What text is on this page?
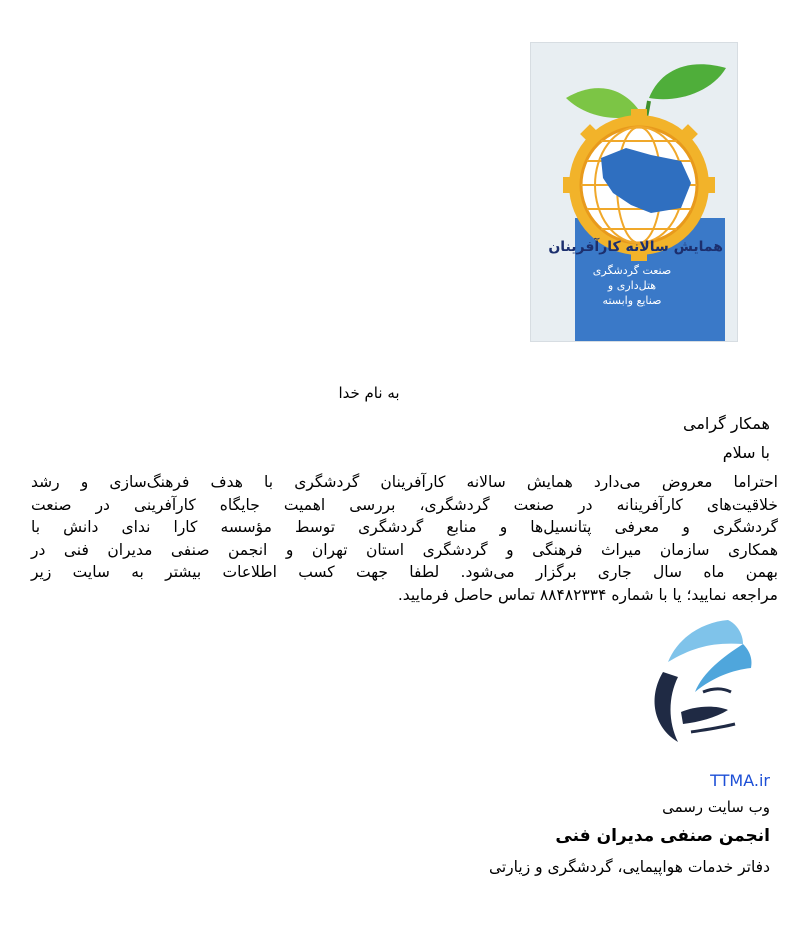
همایش سالانه کارآفرینان
صنعت گردشگری
هتل‌داری و
صنایع وابسته
به نام خدا
همکار گرامی
با سلام
احتراما معروض می‌دارد همایش سالانه کارآفرینان گردشگری با هدف فرهنگ‌سازی و رشد
خلاقیت‌های کارآفرینانه در صنعت گردشگری، بررسی اهمیت جایگاه کارآفرینی در صنعت
گردشگری و معرفی پتانسیل‌ها و منابع گردشگری توسط مؤسسه کارا ندای دانش با
همکاری سازمان میراث فرهنگی و گردشگری استان تهران و انجمن صنفی مدیران فنی در
بهمن ماه سال جاری برگزار می‌شود. لطفا جهت کسب اطلاعات بیشتر به سایت زیر
مراجعه نمایید؛ یا با شماره ۸۸۴۸۲۳۳۴ تماس حاصل فرمایید.
TTMA.ir
وب سایت رسمی
انجمن صنفی مدیران فنی
دفاتر خدمات هواپیمایی، گردشگری و زیارتی
